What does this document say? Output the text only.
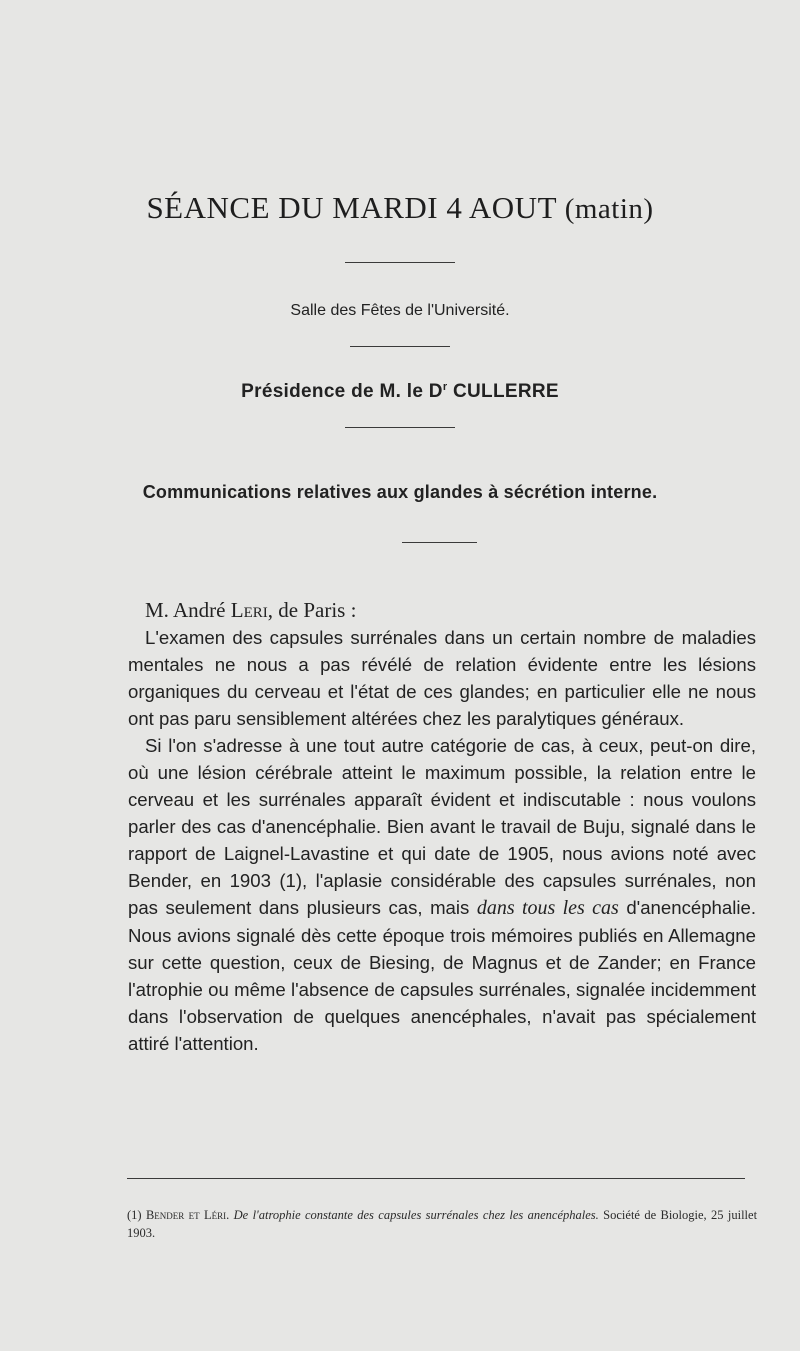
SÉANCE DU MARDI 4 AOUT (matin)
Salle des Fêtes de l'Université.
Présidence de M. le $D^r$ CULLERRE
Communications relatives aux glandes à sécrétion interne.
M. André Leri, de Paris :

L'examen des capsules surrénales dans un certain nombre de maladies mentales ne nous a pas révélé de relation évidente entre les lésions organiques du cerveau et l'état de ces glandes; en particulier elle ne nous ont pas paru sensiblement altérées chez les paralytiques généraux.

Si l'on s'adresse à une tout autre catégorie de cas, à ceux, peut-on dire, où une lésion cérébrale atteint le maximum possible, la relation entre le cerveau et les surrénales apparaît évident et indiscutable : nous voulons parler des cas d'anencéphalie. Bien avant le travail de Buju, signalé dans le rapport de Laignel-Lavastine et qui date de 1905, nous avions noté avec Bender, en 1903 (1), l'aplasie considérable des capsules surrénales, non pas seulement dans plusieurs cas, mais dans tous les cas d'anencéphalie. Nous avions signalé dès cette époque trois mémoires publiés en Allemagne sur cette question, ceux de Biesing, de Magnus et de Zander; en France l'atrophie ou même l'absence de capsules surrénales, signalée incidemment dans l'observation de quelques anencéphales, n'avait pas spécialement attiré l'attention.

(1) Bender et Léri. De l'atrophie constante des capsules surrénales chez les anencéphales. Société de Biologie, 25 juillet 1903.
